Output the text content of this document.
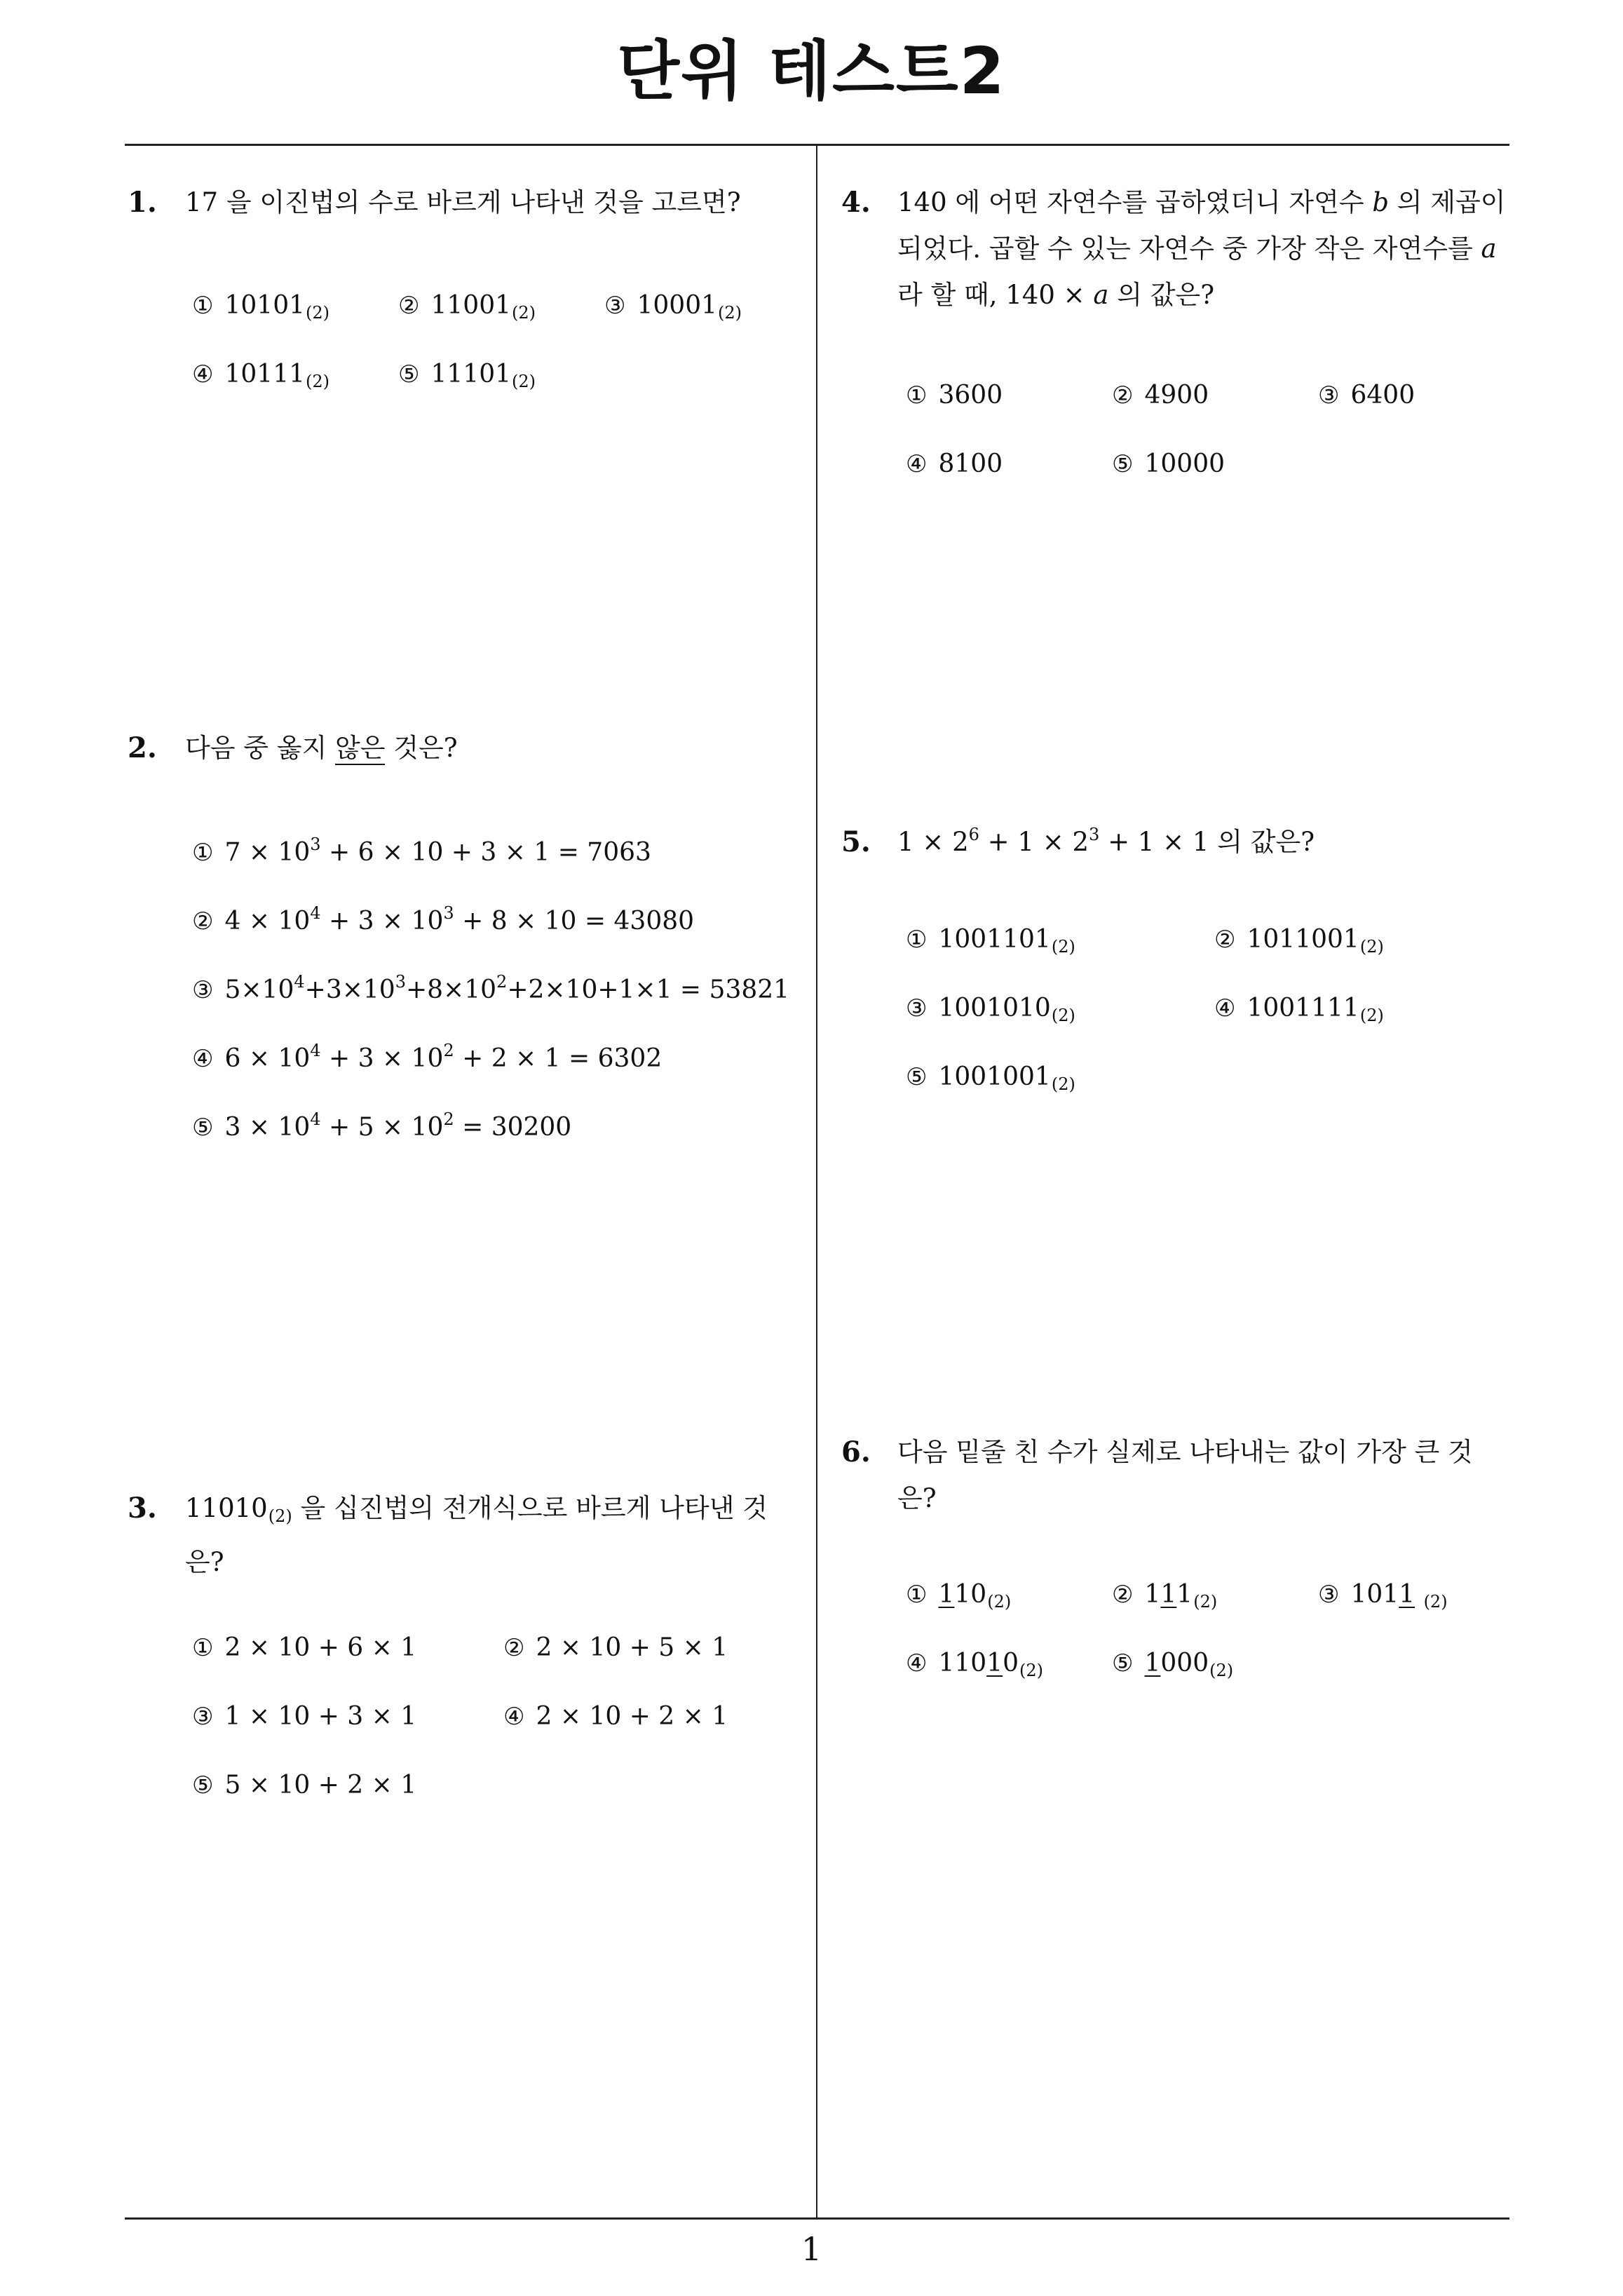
단위 테스트2
1
1. 17 을 이진법의 수로 바르게 나타낸 것을 고르면?
① $10101_{(2)}$	② $11001_{(2)}$	③ $10001_{(2)}$
④ $10111_{(2)}$	⑤ $11101_{(2)}$
2. 다음 중 옳지 않은 것은?
① $7 \times 10^3 + 6 \times 10 + 3 \times 1 = 7063$
② $4 \times 10^4 + 3 \times 10^3 + 8 \times 10 = 43080$
③ $5\times 10^4+3\times 10^3+8\times 10^2+2\times 10+1\times 1 = 53821$
④ $6 \times 10^4 + 3 \times 10^2 + 2 \times 1 = 6302$
⑤ $3 \times 10^4 + 5 \times 10^2 = 30200$
3. $11010_{(2)}$ 을 십진법의 전개식으로 바르게 나타낸 것
은?
① 2 × 10 + 6 × 1	② 2 × 10 + 5 × 1
③ 1 × 10 + 3 × 1	④ 2 × 10 + 2 × 1
⑤ 5 × 10 + 2 × 1
4. 140 에 어떤 자연수를 곱하였더니 자연수 b 의 제곱이
되었다. 곱할 수 있는 자연수 중 가장 작은 자연수를 a
라 할 때, 140 × a 의 값은?
① 3600	② 4900	③ 6400
④ 8100	⑤ 10000
5. $1 \times 2^6 + 1 \times 2^3 + 1 \times 1$ 의 값은?
① $1001101_{(2)}$	② $1011001_{(2)}$
③ $1001010_{(2)}$	④ $1001111_{(2)}$
⑤ $1001001_{(2)}$
6. 다음 밑줄 친 수가 실제로 나타내는 값이 가장 큰 것
은?
① $110_{(2)}$	② $111_{(2)}$	③ 1011 $_{(2)}$
④ $11010_{(2)}$	⑤ $1000_{(2)}$
